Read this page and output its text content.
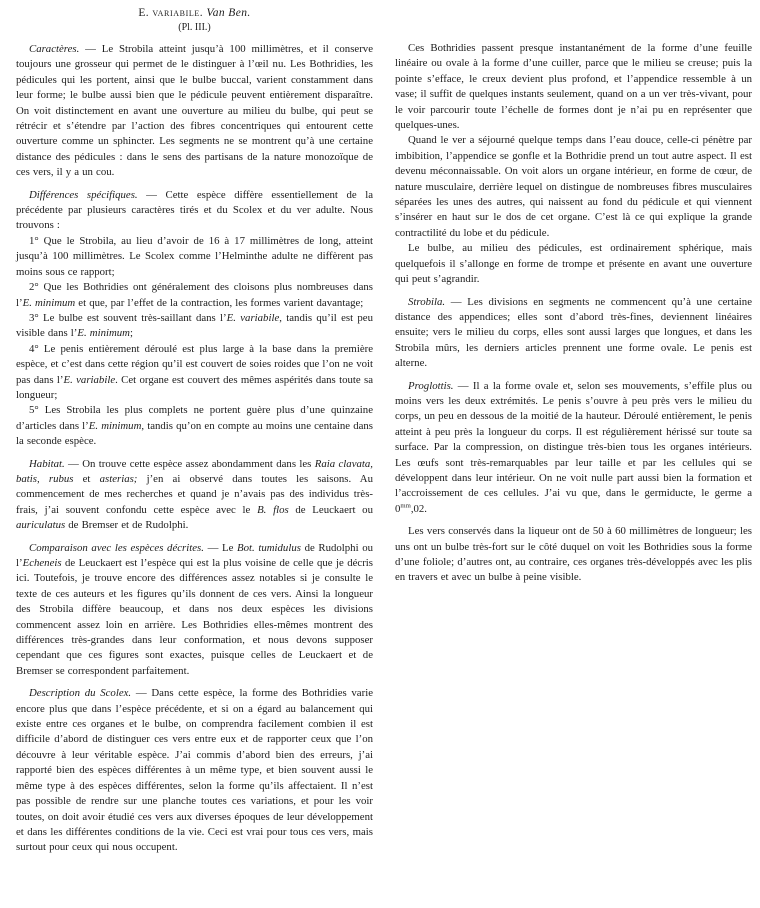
E. variabile. Van Ben.
(Pl. III.)

Caractères. — Le Strobila atteint jusqu’à 100 millimètres, et il conserve toujours une grosseur qui permet de le distinguer à l’œil nu. Les Bothridies, les pédicules qui les portent, ainsi que le bulbe buccal, varient constamment dans leur forme; le bulbe aussi bien que le pédicule peuvent entièrement disparaître. On voit distinctement en avant une ouverture au milieu du bulbe, qui peut se rétrécir et s’étendre par l’action des fibres concentriques qui entourent cette ouverture comme un sphincter. Les segments ne se montrent qu’à une certaine distance des pédicules : dans le sens des partisans de la nature monozoïque de ces vers, il y a un cou.

Différences spécifiques. — Cette espèce diffère essentiellement de la précédente par plusieurs caractères tirés et du Scolex et du ver adulte. Nous trouvons :

1° Que le Strobila, au lieu d’avoir de 16 à 17 millimètres de long, atteint jusqu’à 100 millimètres. Le Scolex comme l’Helminthe adulte ne diffèrent pas moins sous ce rapport;

2° Que les Bothridies ont généralement des cloisons plus nombreuses dans l’E. minimum et que, par l’effet de la contraction, les formes varient davantage;

3° Le bulbe est souvent très-saillant dans l’E. variabile, tandis qu’il est peu visible dans l’E. minimum;

4° Le penis entièrement déroulé est plus large à la base dans la première espèce, et c’est dans cette région qu’il est couvert de soies roides que l’on ne voit pas dans l’E. variabile. Cet organe est couvert des mêmes aspérités dans toute sa longueur;

5° Les Strobila les plus complets ne portent guère plus d’une quinzaine d’articles dans l’E. minimum, tandis qu’on en compte au moins une centaine dans la seconde espèce.

Habitat. — On trouve cette espèce assez abondamment dans les Raia clavata, batis, rubus et asterias; j’en ai observé dans toutes les saisons. Au commencement de mes recherches et quand je n’avais pas des individus très-frais, j’ai souvent confondu cette espèce avec le B. flos de Leuckaert ou auriculatus de Bremser et de Rudolphi.

Comparaison avec les espèces décrites. — Le Bot. tumidulus de Rudolphi ou l’Echeneis de Leuckaert est l’espèce qui est la plus voisine de celle que je décris ici. Toutefois, je trouve encore des différences assez notables si je consulte le texte de ces auteurs et les figures qu’ils donnent de ces vers. Ainsi la longueur des Strobila diffère beaucoup, et dans nos deux espèces les divisions commencent assez loin en arrière. Les Bothridies elles-mêmes montrent des différences très-grandes dans leur conformation, et nous devons supposer cependant que ces figures sont exactes, puisque celles de Leuckaert et de Bremser se correspondent parfaitement.

Description du Scolex. — Dans cette espèce, la forme des Bothridies varie encore plus que dans l’espèce précédente, et si on a égard au balancement qui existe entre ces organes et le bulbe, on comprendra facilement combien il est difficile d’abord de distinguer ces vers entre eux et de rapporter ceux que l’on découvre à leur véritable espèce. J’ai commis d’abord bien des erreurs, j’ai rapporté bien des espèces différentes à un même type, et bien souvent aussi le même type à des espèces différentes, selon la forme qu’ils affectaient. Il n’est pas possible de rendre sur une planche toutes ces variations, et pour les voir toutes, on doit avoir étudié ces vers aux diverses époques de leur développement et dans les différentes conditions de la vie. Ceci est vrai pour tous ces vers, mais surtout pour ceux qui nous occupent.

Ces Bothridies passent presque instantanément de la forme d’une feuille linéaire ou ovale à la forme d’une cuiller, parce que le milieu se creuse; puis la pointe s’efface, le creux devient plus profond, et l’appendice ressemble à un vase; il suffit de quelques instants seulement, quand on a un ver très-vivant, pour le voir parcourir toute l’échelle de formes dont je n’ai pu en représenter que quelques-unes.

Quand le ver a séjourné quelque temps dans l’eau douce, celle-ci pénètre par imbibition, l’appendice se gonfle et la Bothridie prend un tout autre aspect. Il est devenu méconnaissable. On voit alors un organe intérieur, en forme de cœur, de nature musculaire, derrière lequel on distingue de nombreuses fibres musculaires séparées les unes des autres, qui naissent au fond du pédicule et qui viennent s’insérer en haut sur le dos de cet organe. C’est là ce qui explique la grande contractilité du lobe et du pédicule.

Le bulbe, au milieu des pédicules, est ordinairement sphérique, mais quelquefois il s’allonge en forme de trompe et présente en avant une ouverture qui peut s’agrandir.

Strobila. — Les divisions en segments ne commencent qu’à une certaine distance des appendices; elles sont d’abord très-fines, deviennent linéaires ensuite; vers le milieu du corps, elles sont aussi larges que longues, et dans les Strobila mûrs, les derniers articles prennent une forme ovale. Le penis est alterne.

Proglottis. — Il a la forme ovale et, selon ses mouvements, s’effile plus ou moins vers les deux extrémités. Le penis s’ouvre à peu près vers le milieu du corps, un peu en dessous de la moitié de la hauteur. Déroulé entièrement, le penis atteint à peu près la longueur du corps. Il est régulièrement hérissé sur toute sa surface. Par la compression, on distingue très-bien tous les organes intérieurs. Les œufs sont très-remarquables par leur taille et par les cellules qui se développent dans leur intérieur. On ne voit nulle part aussi bien la formation et l’accroissement de ces cellules. J’ai vu que, dans le germiducte, le germe a $0^{mm},02$.

Les vers conservés dans la liqueur ont de 50 à 60 millimètres de longueur; les uns ont un bulbe très-fort sur le côté duquel on voit les Bothridies sous la forme d’une foliole; d’autres ont, au contraire, ces organes très-développés avec les plis en travers et avec un bulbe à peine visible.
